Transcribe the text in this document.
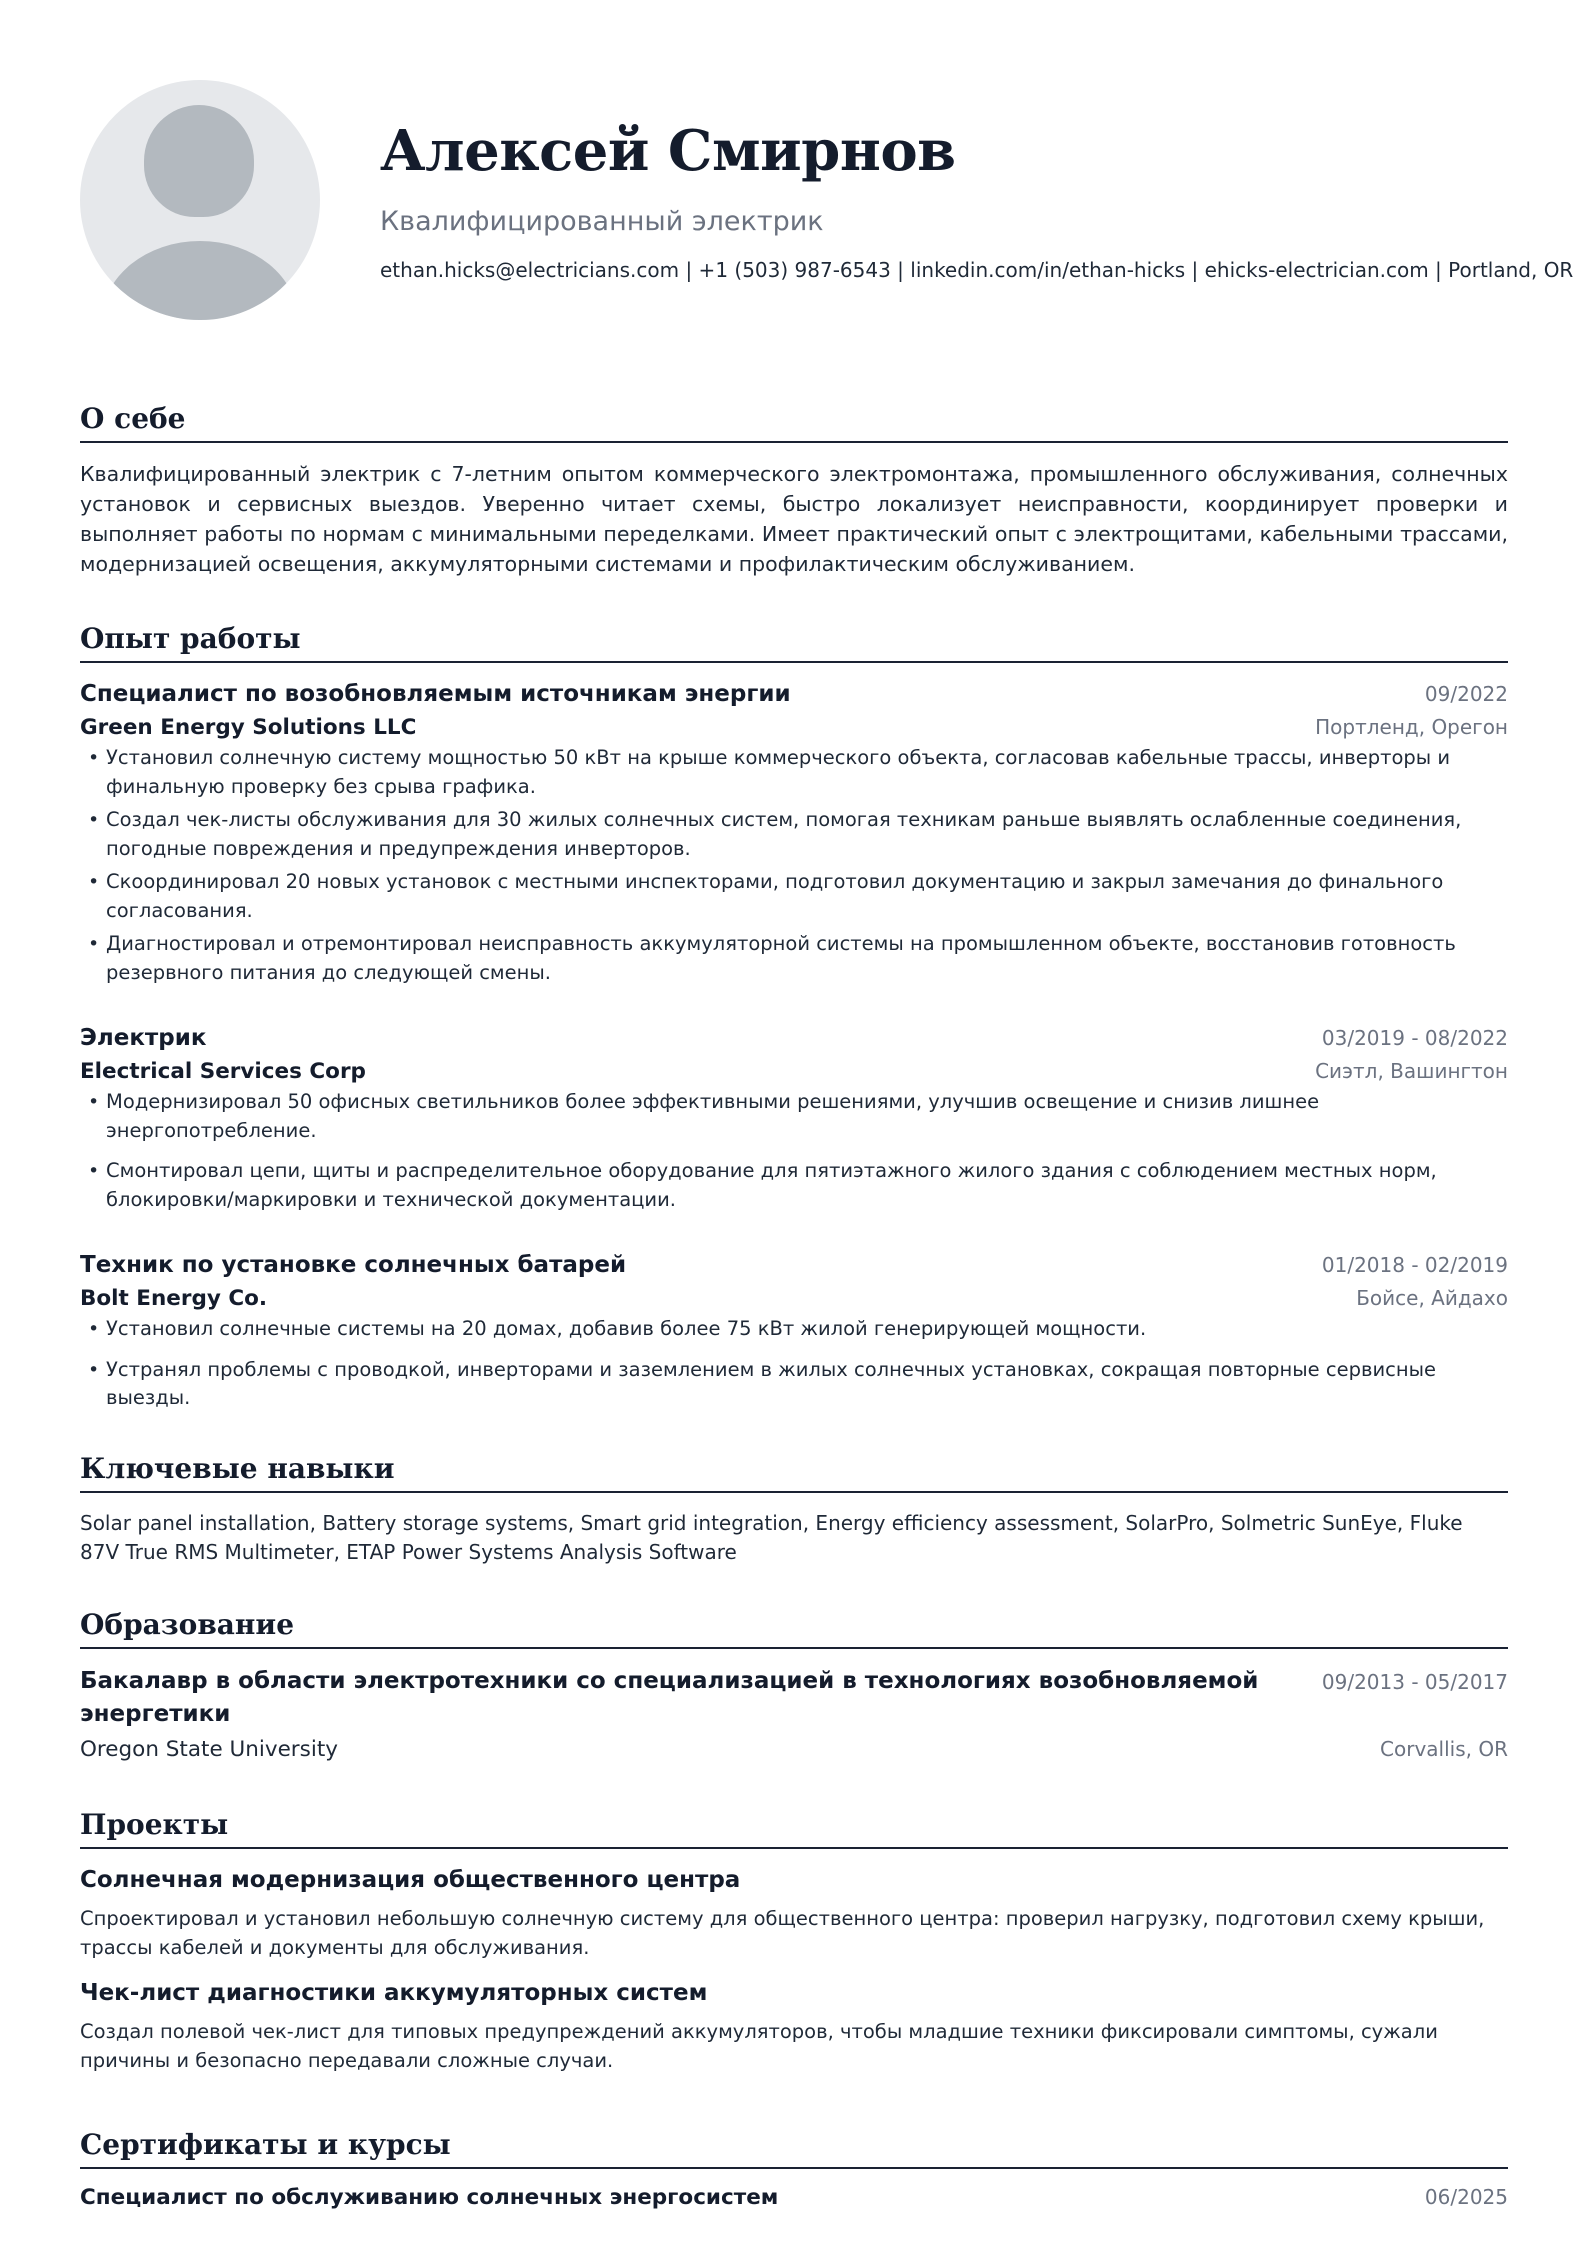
Алексей Смирнов
Квалифицированный электрик
ethan.hicks@electricians.com | +1 (503) 987-6543 | linkedin.com/in/ethan-hicks | ehicks-electrician.com | Portland, OR
О себе
Квалифицированный электрик с 7-летним опытом коммерческого электромонтажа, промышленного обслуживания, солнечных установок и сервисных выездов. Уверенно читает схемы, быстро локализует неисправности, координирует проверки и выполняет работы по нормам с минимальными переделками. Имеет практический опыт с электрощитами, кабельными трассами, модернизацией освещения, аккумуляторными системами и профилактическим обслуживанием.
Опыт работы
Специалист по возобновляемым источникам энергии	09/2022
Green Energy Solutions LLC	Портленд, Орегон
• Установил солнечную систему мощностью 50 кВт на крыше коммерческого объекта, согласовав кабельные трассы, инверторы и финальную проверку без срыва графика.
• Создал чек-листы обслуживания для 30 жилых солнечных систем, помогая техникам раньше выявлять ослабленные соединения, погодные повреждения и предупреждения инверторов.
• Скоординировал 20 новых установок с местными инспекторами, подготовил документацию и закрыл замечания до финального согласования.
• Диагностировал и отремонтировал неисправность аккумуляторной системы на промышленном объекте, восстановив готовность резервного питания до следующей смены.
Электрик	03/2019 - 08/2022
Electrical Services Corp	Сиэтл, Вашингтон
• Модернизировал 50 офисных светильников более эффективными решениями, улучшив освещение и снизив лишнее энергопотребление.
• Смонтировал цепи, щиты и распределительное оборудование для пятиэтажного жилого здания с соблюдением местных норм, блокировки/маркировки и технической документации.
Техник по установке солнечных батарей	01/2018 - 02/2019
Bolt Energy Co.	Бойсе, Айдахо
• Установил солнечные системы на 20 домах, добавив более 75 кВт жилой генерирующей мощности.
• Устранял проблемы с проводкой, инверторами и заземлением в жилых солнечных установках, сокращая повторные сервисные выезды.
Ключевые навыки
Solar panel installation, Battery storage systems, Smart grid integration, Energy efficiency assessment, SolarPro, Solmetric SunEye, Fluke 87V True RMS Multimeter, ETAP Power Systems Analysis Software
Образование
Бакалавр в области электротехники со специализацией в технологиях возобновляемой энергетики
09/2013 - 05/2017
Oregon State University	Corvallis, OR
Проекты
Солнечная модернизация общественного центра
Спроектировал и установил небольшую солнечную систему для общественного центра: проверил нагрузку, подготовил схему крыши, трассы кабелей и документы для обслуживания.
Чек-лист диагностики аккумуляторных систем
Создал полевой чек-лист для типовых предупреждений аккумуляторов, чтобы младшие техники фиксировали симптомы, сужали причины и безопасно передавали сложные случаи.
Сертификаты и курсы
Специалист по обслуживанию солнечных энергосистем	06/2025
